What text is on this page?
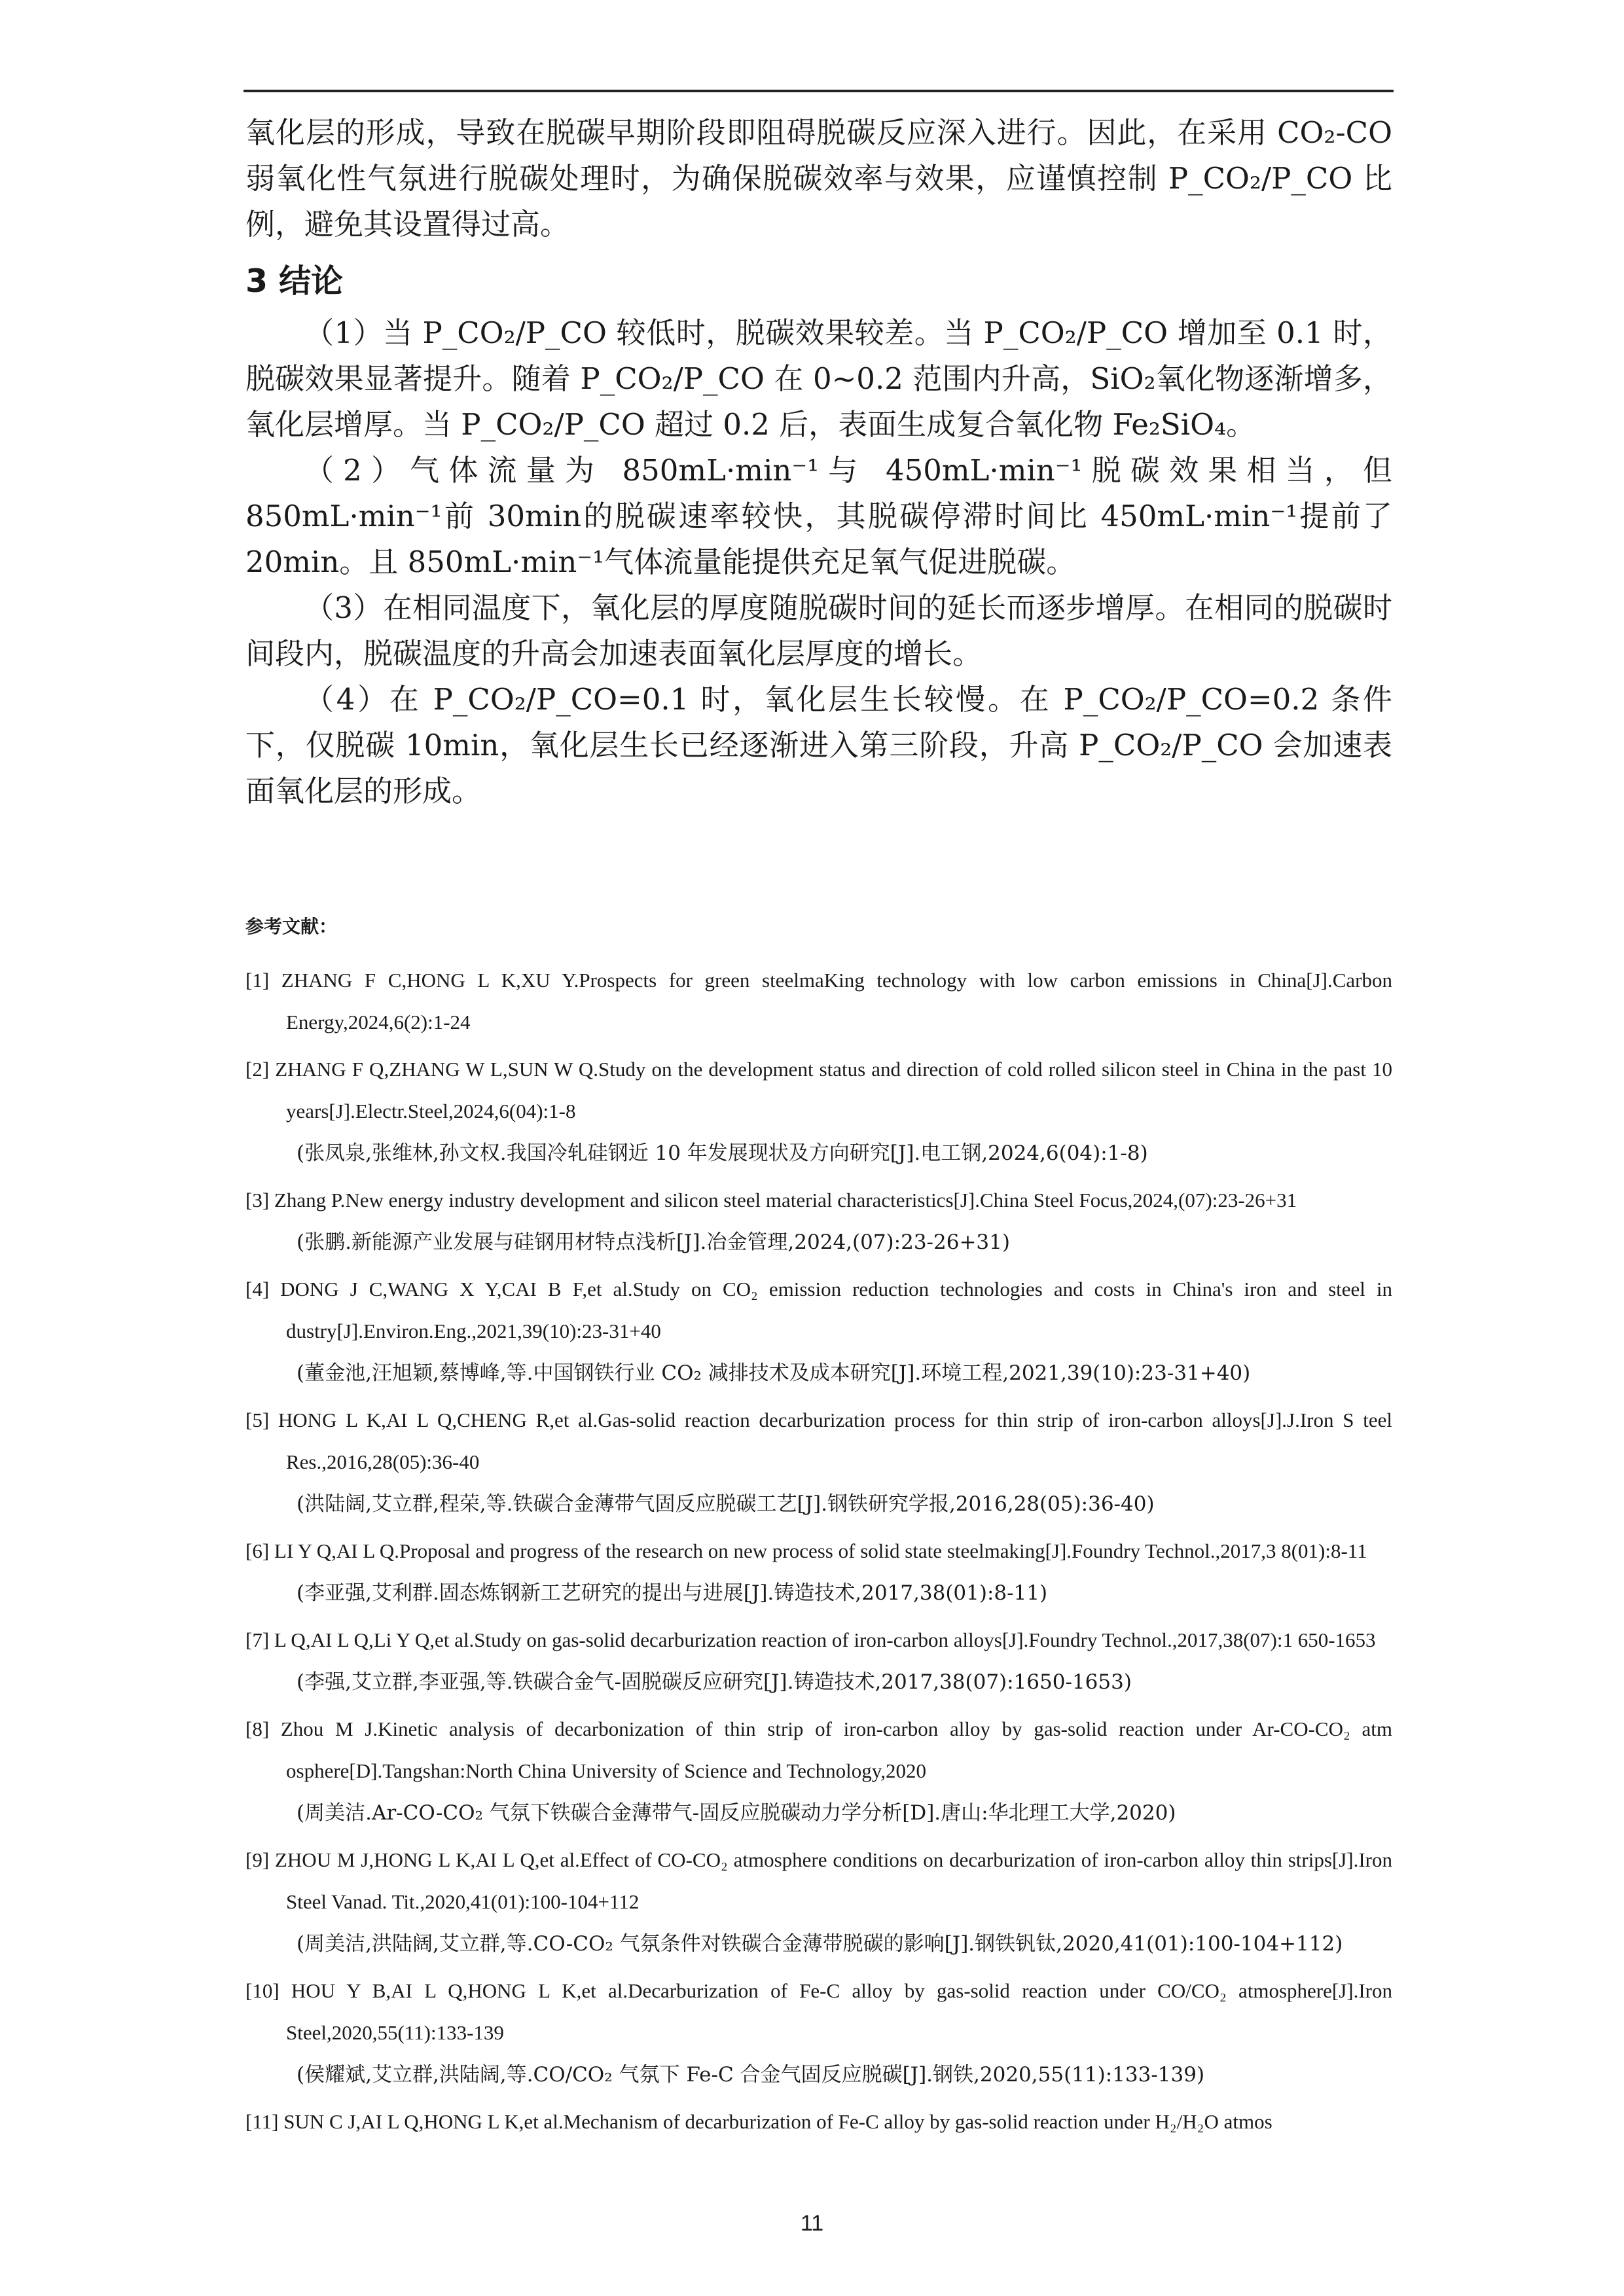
氧化层的形成，导致在脱碳早期阶段即阻碍脱碳反应深入进行。因此，在采用 CO₂-CO 弱氧化性气氛进行脱碳处理时，为确保脱碳效率与效果，应谨慎控制 P_CO₂/P_CO 比例，避免其设置得过高。

3 结论

（1）当 P_CO₂/P_CO 较低时，脱碳效果较差。当 P_CO₂/P_CO 增加至 0.1 时，脱碳效果显著提升。随着 P_CO₂/P_CO 在 0~0.2 范围内升高，SiO₂氧化物逐渐增多，氧化层增厚。当 P_CO₂/P_CO 超过 0.2 后，表面生成复合氧化物 Fe₂SiO₄。

（2）气体流量为 850mL·min⁻¹与 450mL·min⁻¹脱碳效果相当，但 850mL·min⁻¹前 30min的脱碳速率较快，其脱碳停滞时间比 450mL·min⁻¹提前了 20min。且 850mL·min⁻¹气体流量能提供充足氧气促进脱碳。

（3）在相同温度下，氧化层的厚度随脱碳时间的延长而逐步增厚。在相同的脱碳时间段内，脱碳温度的升高会加速表面氧化层厚度的增长。

（4）在 P_CO₂/P_CO=0.1 时，氧化层生长较慢。在 P_CO₂/P_CO=0.2 条件下，仅脱碳 10min，氧化层生长已经逐渐进入第三阶段，升高 P_CO₂/P_CO 会加速表面氧化层的形成。

参考文献：

[1] ZHANG F C,HONG L K,XU Y.Prospects for green steelmaKing technology with low carbon emissions in China[J].Carbon Energy,2024,6(2):1-24

[2] ZHANG F Q,ZHANG W L,SUN W Q.Study on the development status and direction of cold rolled silicon steel in China in the past 10 years[J].Electr.Steel,2024,6(04):1-8

(张凤泉,张维林,孙文权.我国冷轧硅钢近 10 年发展现状及方向研究[J].电工钢,2024,6(04):1-8)

[3] Zhang P.New energy industry development and silicon steel material characteristics[J].China Steel Focus,2024,(07):23-26+31

(张鹏.新能源产业发展与硅钢用材特点浅析[J].冶金管理,2024,(07):23-26+31)

[4] DONG J C,WANG X Y,CAI B F,et al.Study on CO₂ emission reduction technologies and costs in China's iron and steel in dustry[J].Environ.Eng.,2021,39(10):23-31+40

(董金池,汪旭颖,蔡博峰,等.中国钢铁行业 CO₂ 减排技术及成本研究[J].环境工程,2021,39(10):23-31+40)

[5] HONG L K,AI L Q,CHENG R,et al.Gas-solid reaction decarburization process for thin strip of iron-carbon alloys[J].J.Iron S teel Res.,2016,28(05):36-40

(洪陆阔,艾立群,程荣,等.铁碳合金薄带气固反应脱碳工艺[J].钢铁研究学报,2016,28(05):36-40)

[6] LI Y Q,AI L Q.Proposal and progress of the research on new process of solid state steelmaking[J].Foundry Technol.,2017,3 8(01):8-11

(李亚强,艾利群.固态炼钢新工艺研究的提出与进展[J].铸造技术,2017,38(01):8-11)

[7] L Q,AI L Q,Li Y Q,et al.Study on gas-solid decarburization reaction of iron-carbon alloys[J].Foundry Technol.,2017,38(07):1 650-1653

(李强,艾立群,李亚强,等.铁碳合金气-固脱碳反应研究[J].铸造技术,2017,38(07):1650-1653)

[8] Zhou M J.Kinetic analysis of decarbonization of thin strip of iron-carbon alloy by gas-solid reaction under Ar-CO-CO₂ atm osphere[D].Tangshan:North China University of Science and Technology,2020

(周美洁.Ar-CO-CO₂ 气氛下铁碳合金薄带气-固反应脱碳动力学分析[D].唐山:华北理工大学,2020)

[9] ZHOU M J,HONG L K,AI L Q,et al.Effect of CO-CO₂ atmosphere conditions on decarburization of iron-carbon alloy thin strips[J].Iron Steel Vanad. Tit.,2020,41(01):100-104+112

(周美洁,洪陆阔,艾立群,等.CO-CO₂ 气氛条件对铁碳合金薄带脱碳的影响[J].钢铁钒钛,2020,41(01):100-104+112)

[10] HOU Y B,AI L Q,HONG L K,et al.Decarburization of Fe-C alloy by gas-solid reaction under CO/CO₂ atmosphere[J].Iron Steel,2020,55(11):133-139

(侯耀斌,艾立群,洪陆阔,等.CO/CO₂ 气氛下 Fe-C 合金气固反应脱碳[J].钢铁,2020,55(11):133-139)

[11] SUN C J,AI L Q,HONG L K,et al.Mechanism of decarburization of Fe-C alloy by gas-solid reaction under H₂/H₂O atmos

11
